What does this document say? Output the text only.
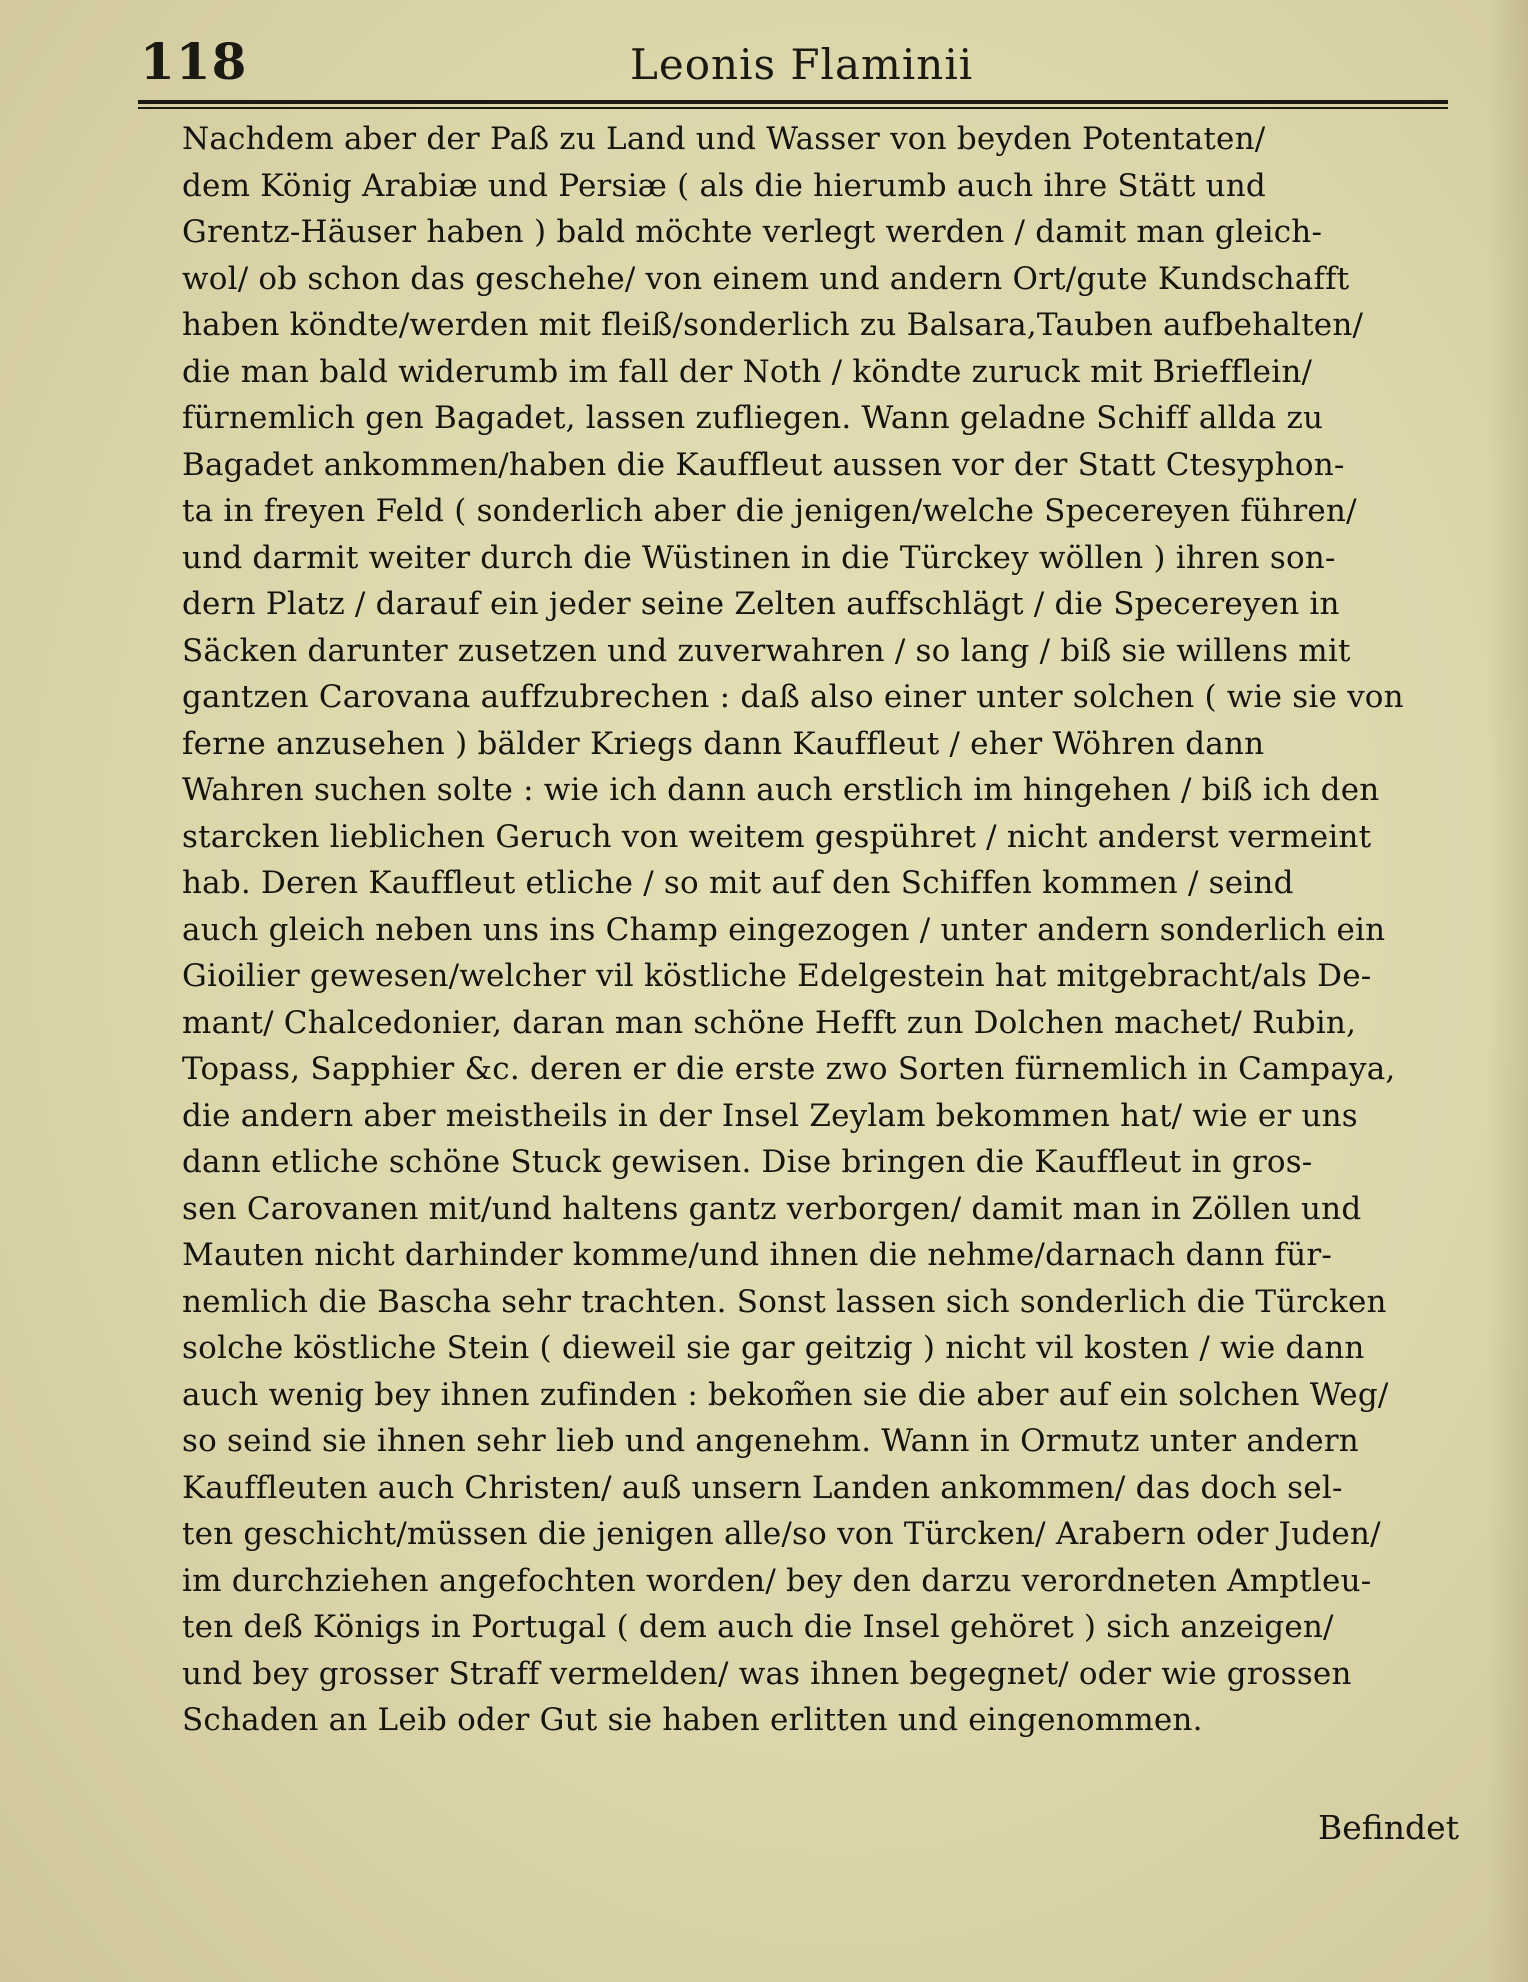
118	Leonis Flaminii
Nachdem aber der Paß zu Land und Wasser von beyden Potentaten/
dem König Arabiæ und Persiæ ( als die hierumb auch ihre Stätt und
Grentz-Häuser haben ) bald möchte verlegt werden / damit man gleich-
wol/ ob schon das geschehe/ von einem und andern Ort/gute Kundschafft
haben köndte/werden mit fleiß/sonderlich zu Balsara,Tauben aufbehalten/
die man bald widerumb im fall der Noth / köndte zuruck mit Briefflein/
fürnemlich gen Bagadet, lassen zufliegen. Wann geladne Schiff allda zu
Bagadet ankommen/haben die Kauffleut aussen vor der Statt Ctesyphon-
ta in freyen Feld ( sonderlich aber die jenigen/welche Specereyen führen/
und darmit weiter durch die Wüstinen in die Türckey wöllen ) ihren son-
dern Platz / darauf ein jeder seine Zelten auffschlägt / die Specereyen in
Säcken darunter zusetzen und zuverwahren / so lang / biß sie willens mit
gantzen Carovana auffzubrechen : daß also einer unter solchen ( wie sie von
ferne anzusehen ) bälder Kriegs dann Kauffleut / eher Wöhren dann
Wahren suchen solte : wie ich dann auch erstlich im hingehen / biß ich den
starcken lieblichen Geruch von weitem gespühret / nicht anderst vermeint
hab. Deren Kauffleut etliche / so mit auf den Schiffen kommen / seind
auch gleich neben uns ins Champ eingezogen / unter andern sonderlich ein
Gioilier gewesen/welcher vil köstliche Edelgestein hat mitgebracht/als De-
mant/ Chalcedonier, daran man schöne Hefft zun Dolchen machet/ Rubin,
Topass, Sapphier &c. deren er die erste zwo Sorten fürnemlich in Campaya,
die andern aber meistheils in der Insel Zeylam bekommen hat/ wie er uns
dann etliche schöne Stuck gewisen. Dise bringen die Kauffleut in gros-
sen Carovanen mit/und haltens gantz verborgen/ damit man in Zöllen und
Mauten nicht darhinder komme/und ihnen die nehme/darnach dann für-
nemlich die Bascha sehr trachten. Sonst lassen sich sonderlich die Türcken
solche köstliche Stein ( dieweil sie gar geitzig ) nicht vil kosten / wie dann
auch wenig bey ihnen zufinden : bekom̃en sie die aber auf ein solchen Weg/
so seind sie ihnen sehr lieb und angenehm. Wann in Ormutz unter andern
Kauffleuten auch Christen/ auß unsern Landen ankommen/ das doch sel-
ten geschicht/müssen die jenigen alle/so von Türcken/ Arabern oder Juden/
im durchziehen angefochten worden/ bey den darzu verordneten Amptleu-
ten deß Königs in Portugal ( dem auch die Insel gehöret ) sich anzeigen/
und bey grosser Straff vermelden/ was ihnen begegnet/ oder wie grossen
Schaden an Leib oder Gut sie haben erlitten und eingenommen.
Befindet
